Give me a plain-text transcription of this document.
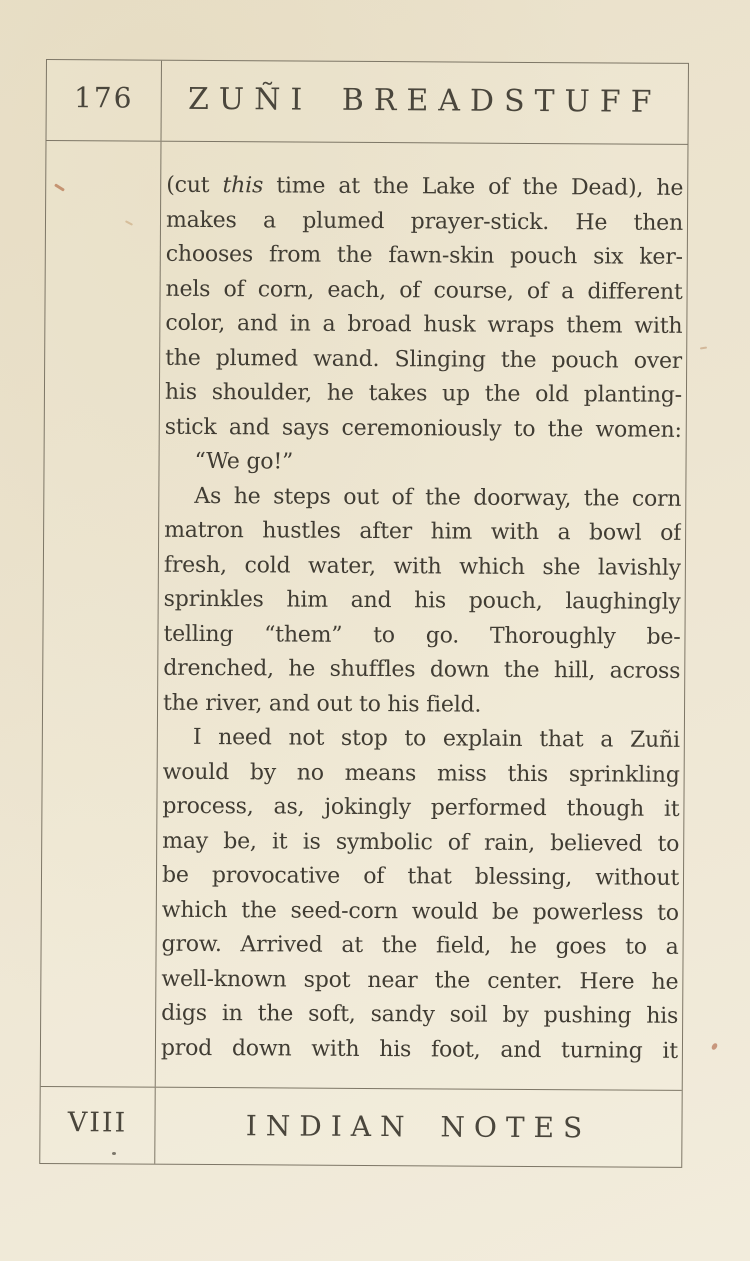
176 ZUÑI BREADSTUFF
(cut this time at the Lake of the Dead), he
makes a plumed prayer-stick. He then
chooses from the fawn-skin pouch six ker-
nels of corn, each, of course, of a different
color, and in a broad husk wraps them with
the plumed wand. Slinging the pouch over
his shoulder, he takes up the old planting-
stick and says ceremoniously to the women:
“We go!”
As he steps out of the doorway, the corn
matron hustles after him with a bowl of
fresh, cold water, with which she lavishly
sprinkles him and his pouch, laughingly
telling “them” to go. Thoroughly be-
drenched, he shuffles down the hill, across
the river, and out to his field.
I need not stop to explain that a Zuñi
would by no means miss this sprinkling
process, as, jokingly performed though it
may be, it is symbolic of rain, believed to
be provocative of that blessing, without
which the seed-corn would be powerless to
grow. Arrived at the field, he goes to a
well-known spot near the center. Here he
digs in the soft, sandy soil by pushing his
prod down with his foot, and turning it
VIII	INDIAN NOTES
